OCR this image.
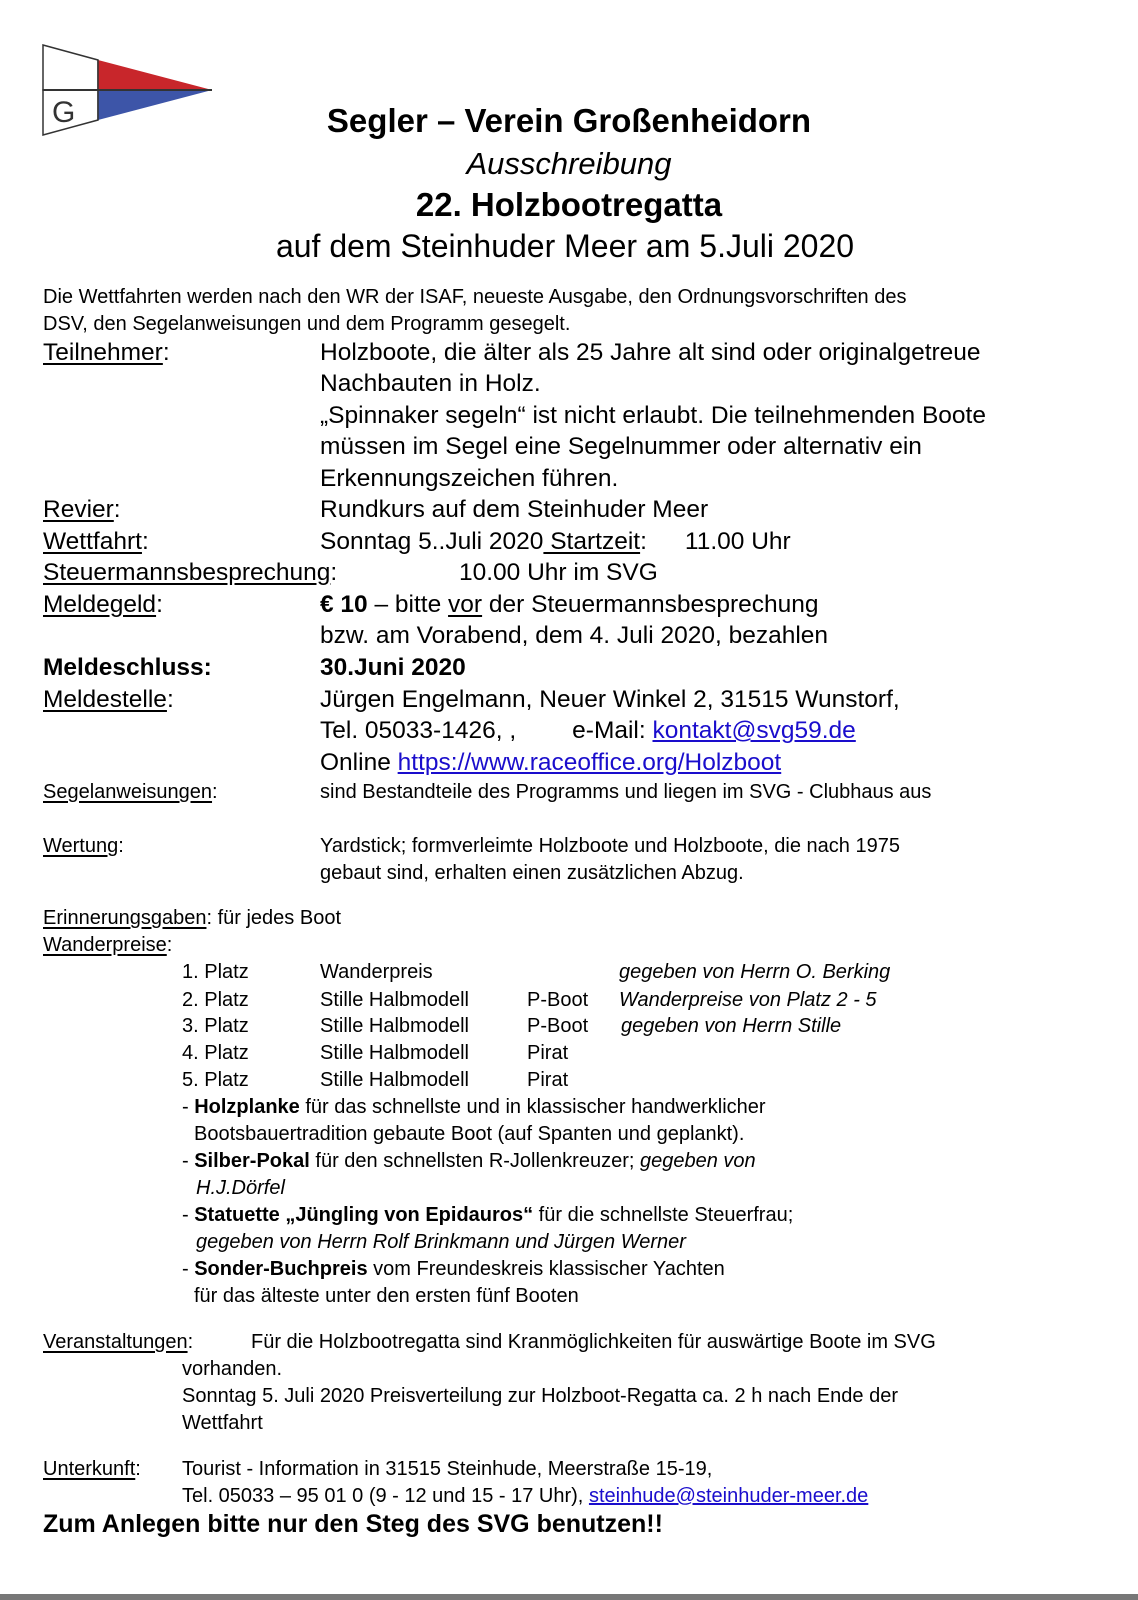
G	Segler – Verein Großenheidorn
Ausschreibung
22. Holzbootregatta
auf dem Steinhuder Meer am 5.Juli 2020
Die Wettfahrten werden nach den WR der ISAF, neueste Ausgabe, den Ordnungsvorschriften des
DSV, den Segelanweisungen und dem Programm gesegelt.
Teilnehmer:	Holzboote, die älter als 25 Jahre alt sind oder originalgetreue
Nachbauten in Holz.
„Spinnaker segeln“ ist nicht erlaubt. Die teilnehmenden Boote
müssen im Segel eine Segelnummer oder alternativ ein
Erkennungszeichen führen.
Revier:	Rundkurs auf dem Steinhuder Meer
Wettfahrt:	Sonntag 5..Juli 2020 Startzeit: 11.00 Uhr
Steuermannsbesprechung:	10.00 Uhr im SVG
Meldegeld:	€ 10 – bitte vor der Steuermannsbesprechung
bzw. am Vorabend, dem 4. Juli 2020, bezahlen
Meldeschluss:	30.Juni 2020
Meldestelle:	Jürgen Engelmann, Neuer Winkel 2, 31515 Wunstorf,
Tel. 05033-1426, , e-Mail: kontakt@svg59.de
Online https://www.raceoffice.org/Holzboot
Segelanweisungen:	sind Bestandteile des Programms und liegen im SVG - Clubhaus aus
Wertung:	Yardstick; formverleimte Holzboote und Holzboote, die nach 1975
gebaut sind, erhalten einen zusätzlichen Abzug.
Erinnerungsgaben: für jedes Boot
Wanderpreise:
1. Platz	Wanderpreis	gegeben von Herrn O. Berking
2. Platz	Stille Halbmodell	P-Boot Wanderpreise von Platz 2 - 5
3. Platz	Stille Halbmodell	P-Boot gegeben von Herrn Stille
4. Platz	Stille Halbmodell	Pirat
5. Platz	Stille Halbmodell	Pirat
- Holzplanke für das schnellste und in klassischer handwerklicher
Bootsbauertradition gebaute Boot (auf Spanten und geplankt).
- Silber-Pokal für den schnellsten R-Jollenkreuzer; gegeben von
H.J.Dörfel
- Statuette „Jüngling von Epidauros“ für die schnellste Steuerfrau;
gegeben von Herrn Rolf Brinkmann und Jürgen Werner
- Sonder-Buchpreis vom Freundeskreis klassischer Yachten
für das älteste unter den ersten fünf Booten
Veranstaltungen:	Für die Holzbootregatta sind Kranmöglichkeiten für auswärtige Boote im SVG
vorhanden.
Sonntag 5. Juli 2020 Preisverteilung zur Holzboot-Regatta ca. 2 h nach Ende der
Wettfahrt
Unterkunft: Tourist - Information in 31515 Steinhude, Meerstraße 15-19,
Tel. 05033 – 95 01 0 (9 - 12 und 15 - 17 Uhr), steinhude@steinhuder-meer.de
Zum Anlegen bitte nur den Steg des SVG benutzen!!
